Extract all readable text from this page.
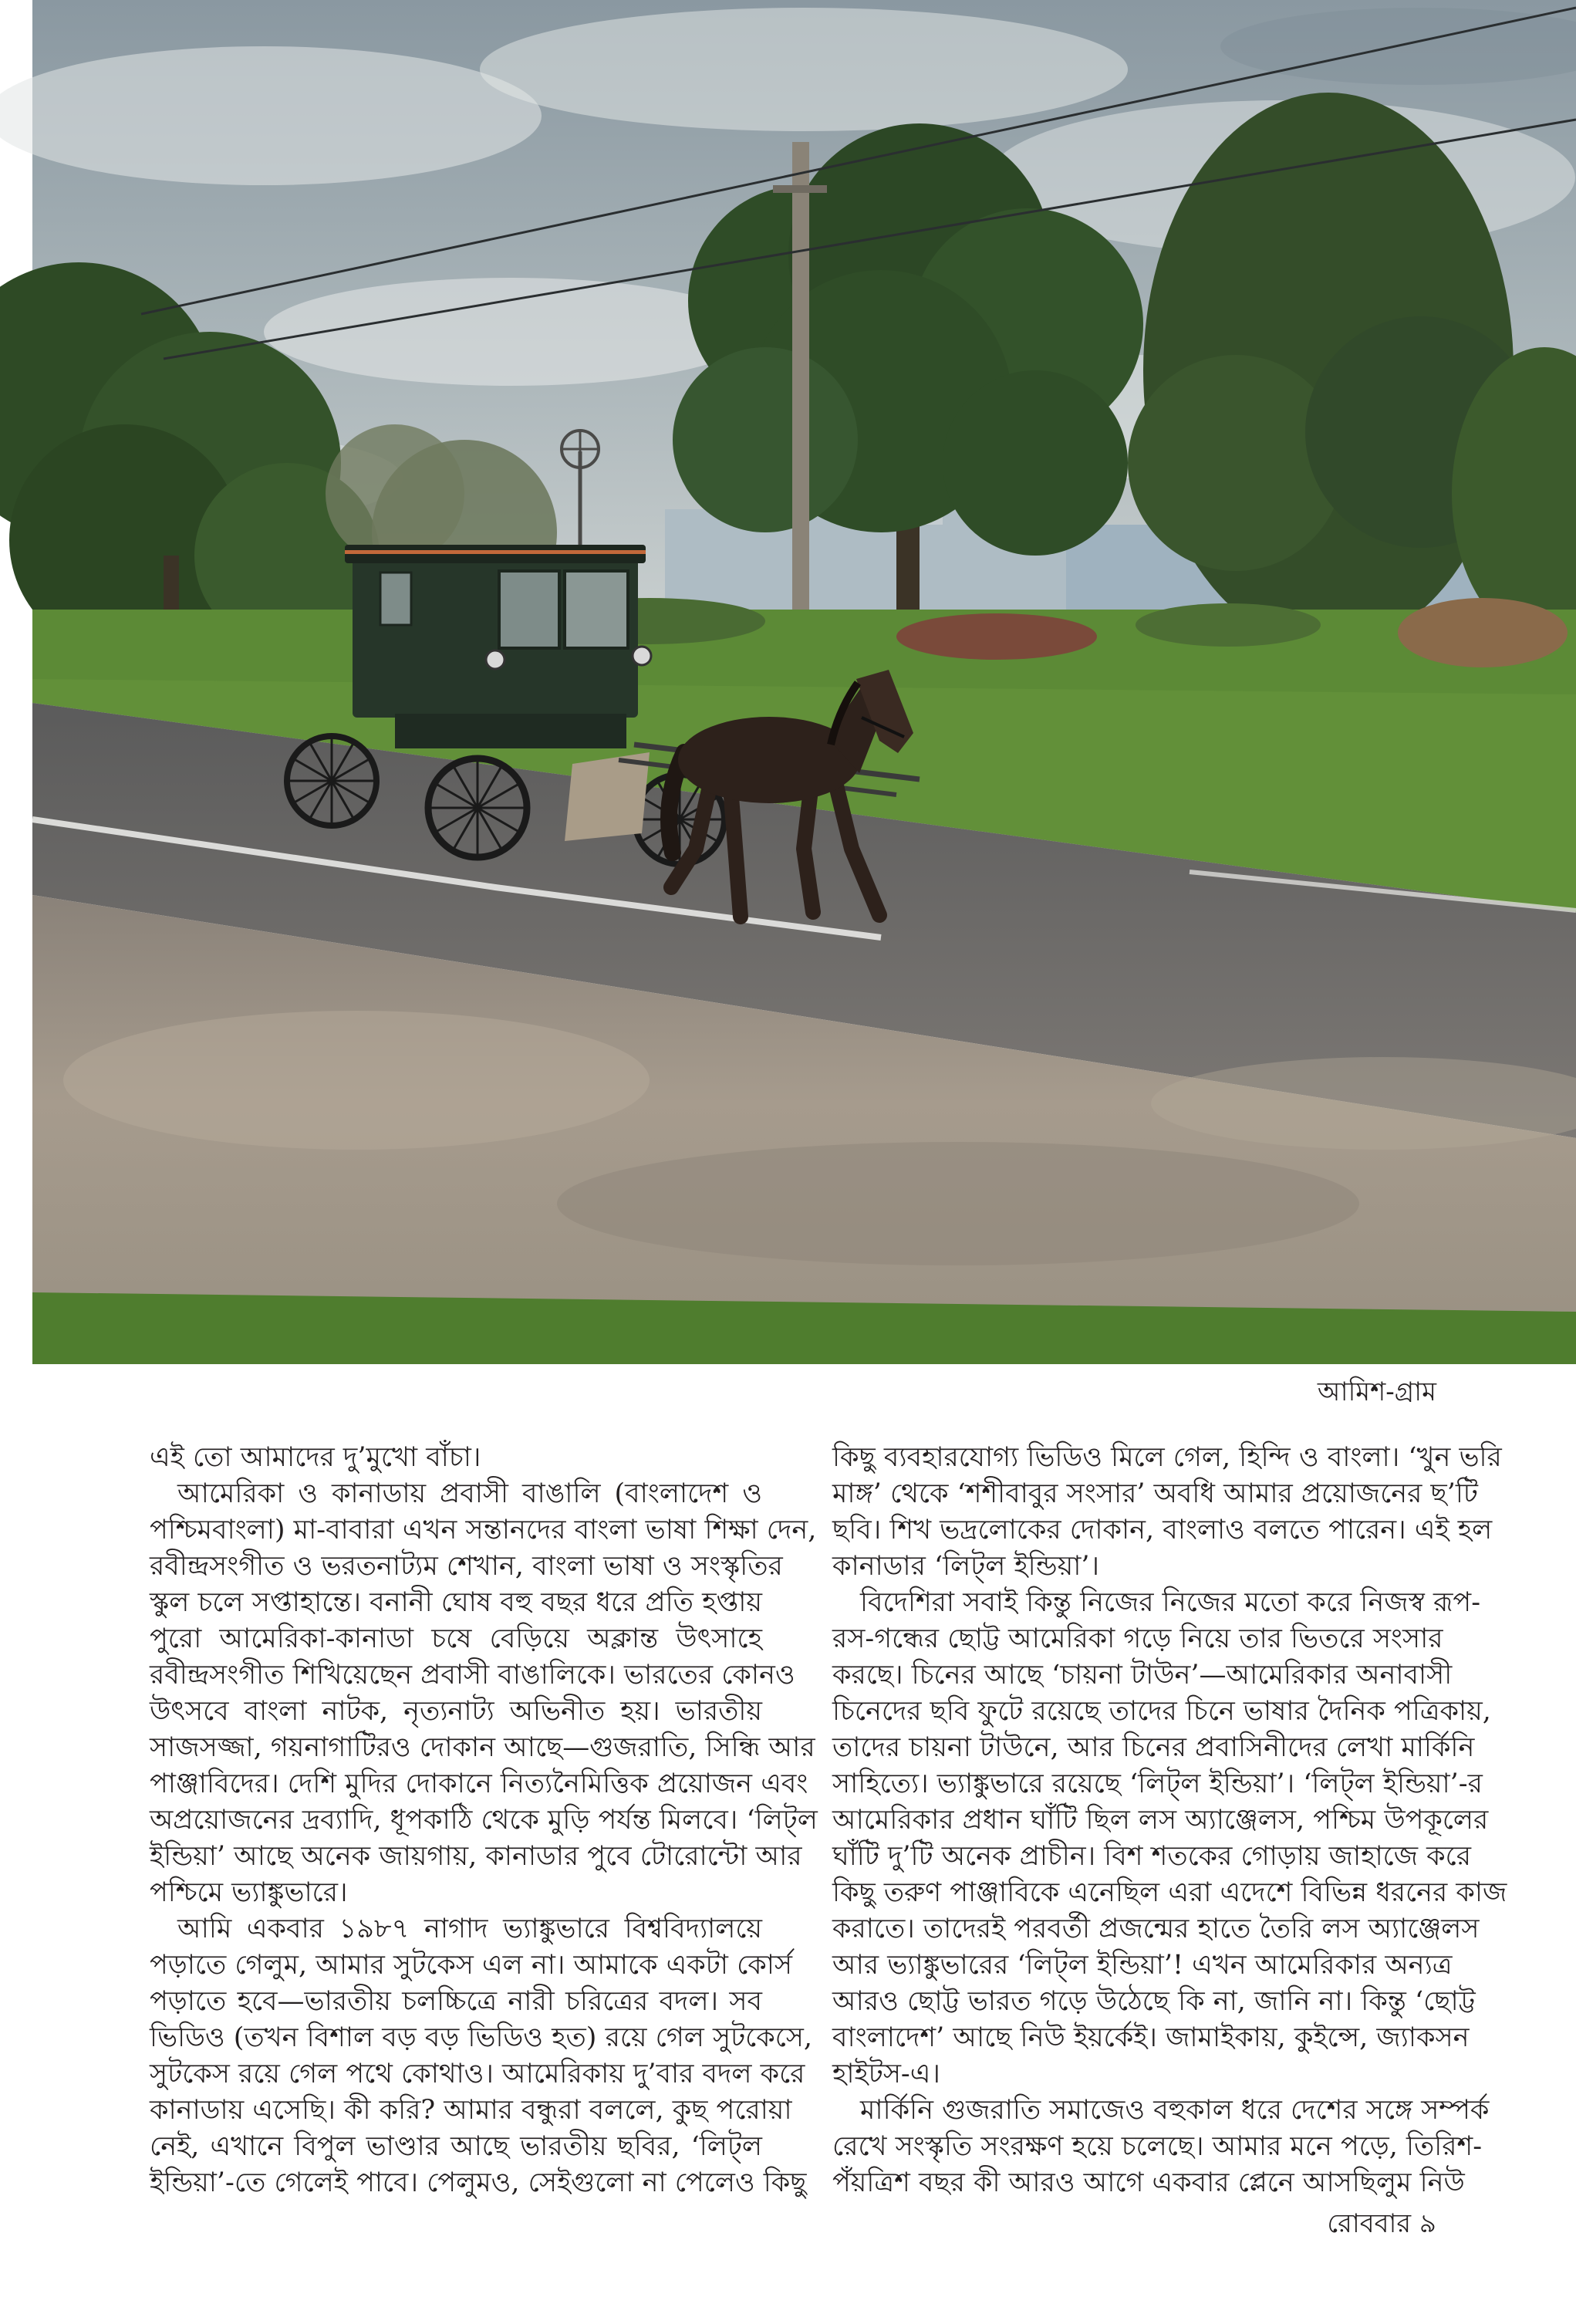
আমিশ-গ্রাম
এই তো আমাদের দু’মুখো বাঁচা।
আমেরিকা ও কানাডায় প্রবাসী বাঙালি (বাংলাদেশ ও
পশ্চিমবাংলা) মা-বাবারা এখন সন্তানদের বাংলা ভাষা শিক্ষা দেন,
রবীন্দ্রসংগীত ও ভরতনাট্যম শেখান, বাংলা ভাষা ও সংস্কৃতির
স্কুল চলে সপ্তাহান্তে। বনানী ঘোষ বহু বছর ধরে প্রতি হপ্তায়
পুরো আমেরিকা-কানাডা চষে বেড়িয়ে অক্লান্ত উৎসাহে
রবীন্দ্রসংগীত শিখিয়েছেন প্রবাসী বাঙালিকে। ভারতের কোনও
উৎসবে বাংলা নাটক, নৃত্যনাট্য অভিনীত হয়। ভারতীয়
সাজসজ্জা, গয়নাগাটিরও দোকান আছে—গুজরাতি, সিন্ধি আর
পাঞ্জাবিদের। দেশি মুদির দোকানে নিত্যনৈমিত্তিক প্রয়োজন এবং
অপ্রয়োজনের দ্রব্যাদি, ধূপকাঠি থেকে মুড়ি পর্যন্ত মিলবে। ‘লিট্‌ল
ইন্ডিয়া’ আছে অনেক জায়গায়, কানাডার পুবে টোরোন্টো আর
পশ্চিমে ভ্যাঙ্কুভারে।
আমি একবার ১৯৮৭ নাগাদ ভ্যাঙ্কুভারে বিশ্ববিদ্যালয়ে
পড়াতে গেলুম, আমার সুটকেস এল না। আমাকে একটা কোর্স
পড়াতে হবে—ভারতীয় চলচ্চিত্রে নারী চরিত্রের বদল। সব
ভিডিও (তখন বিশাল বড় বড় ভিডিও হত) রয়ে গেল সুটকেসে,
সুটকেস রয়ে গেল পথে কোথাও। আমেরিকায় দু’বার বদল করে
কানাডায় এসেছি। কী করি? আমার বন্ধুরা বললে, কুছ পরোয়া
নেই, এখানে বিপুল ভাণ্ডার আছে ভারতীয় ছবির, ‘লিট্‌ল
ইন্ডিয়া’-তে গেলেই পাবে। পেলুমও, সেইগুলো না পেলেও কিছু
কিছু ব্যবহারযোগ্য ভিডিও মিলে গেল, হিন্দি ও বাংলা। ‘খুন ভরি
মাঙ্গ’ থেকে ‘শশীবাবুর সংসার’ অবধি আমার প্রয়োজনের ছ’টি
ছবি। শিখ ভদ্রলোকের দোকান, বাংলাও বলতে পারেন। এই হল
কানাডার ‘লিট্‌ল ইন্ডিয়া’।
বিদেশিরা সবাই কিন্তু নিজের নিজের মতো করে নিজস্ব রূপ-
রস-গন্ধের ছোট্ট আমেরিকা গড়ে নিয়ে তার ভিতরে সংসার
করছে। চিনের আছে ‘চায়না টাউন’—আমেরিকার অনাবাসী
চিনেদের ছবি ফুটে রয়েছে তাদের চিনে ভাষার দৈনিক পত্রিকায়,
তাদের চায়না টাউনে, আর চিনের প্রবাসিনীদের লেখা মার্কিনি
সাহিত্যে। ভ্যাঙ্কুভারে রয়েছে ‘লিট্‌ল ইন্ডিয়া’। ‘লিট্‌ল ইন্ডিয়া’-র
আমেরিকার প্রধান ঘাঁটি ছিল লস অ্যাঞ্জেলস, পশ্চিম উপকূলের
ঘাঁটি দু’টি অনেক প্রাচীন। বিশ শতকের গোড়ায় জাহাজে করে
কিছু তরুণ পাঞ্জাবিকে এনেছিল এরা এদেশে বিভিন্ন ধরনের কাজ
করাতে। তাদেরই পরবর্তী প্রজন্মের হাতে তৈরি লস অ্যাঞ্জেলস
আর ভ্যাঙ্কুভারের ‘লিট্‌ল ইন্ডিয়া’! এখন আমেরিকার অন্যত্র
আরও ছোট্ট ভারত গড়ে উঠেছে কি না, জানি না। কিন্তু ‘ছোট্ট
বাংলাদেশ’ আছে নিউ ইয়র্কেই। জামাইকায়, কুইন্সে, জ্যাকসন
হাইটস-এ।
মার্কিনি গুজরাতি সমাজেও বহুকাল ধরে দেশের সঙ্গে সম্পর্ক
রেখে সংস্কৃতি সংরক্ষণ হয়ে চলেছে। আমার মনে পড়ে, তিরিশ-
পঁয়ত্রিশ বছর কী আরও আগে একবার প্লেনে আসছিলুম নিউ
রোববার ৯
